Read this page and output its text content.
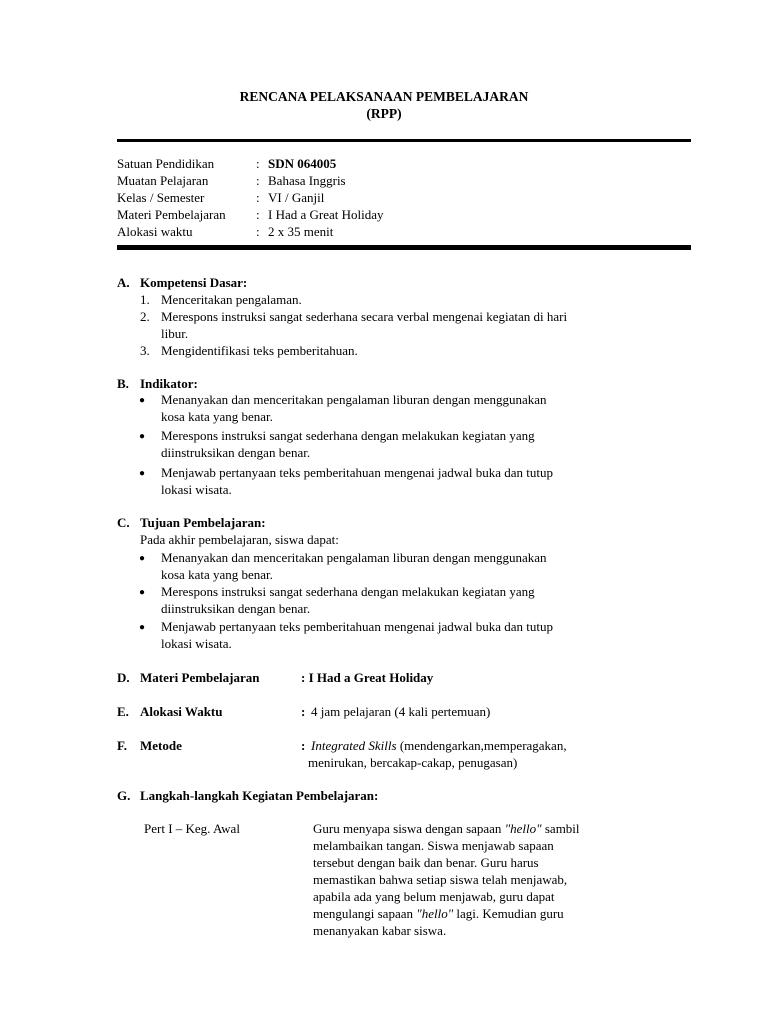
RENCANA PELAKSANAAN PEMBELAJARAN
(RPP)
Satuan Pendidikan	: SDN 064005
Muatan Pelajaran	: Bahasa Inggris
Kelas / Semester	: VI / Ganjil
Materi Pembelajaran : I Had a Great Holiday
Alokasi waktu	: 2 x 35 menit
A. Kompetensi Dasar:
1. Menceritakan pengalaman.
2. Merespons instruksi sangat sederhana secara verbal mengenai kegiatan di hari
libur.
3. Mengidentifikasi teks pemberitahuan.
B. Indikator:
● Menanyakan dan menceritakan pengalaman liburan dengan menggunakan
kosa kata yang benar.
● Merespons instruksi sangat sederhana dengan melakukan kegiatan yang
diinstruksikan dengan benar.
● Menjawab pertanyaan teks pemberitahuan mengenai jadwal buka dan tutup
lokasi wisata.
C. Tujuan Pembelajaran:
Pada akhir pembelajaran, siswa dapat:
● Menanyakan dan menceritakan pengalaman liburan dengan menggunakan
kosa kata yang benar.
● Merespons instruksi sangat sederhana dengan melakukan kegiatan yang
diinstruksikan dengan benar.
● Menjawab pertanyaan teks pemberitahuan mengenai jadwal buka dan tutup
lokasi wisata.
D. Materi Pembelajaran	: I Had a Great Holiday
E. Alokasi Waktu	: 4 jam pelajaran (4 kali pertemuan)
F. Metode	: Integrated Skills (mendengarkan,memperagakan,
menirukan, bercakap-cakap, penugasan)
G. Langkah-langkah Kegiatan Pembelajaran:
Pert I – Keg. Awal	Guru menyapa siswa dengan sapaan "hello" sambil
melambaikan tangan. Siswa menjawab sapaan
tersebut dengan baik dan benar. Guru harus
memastikan bahwa setiap siswa telah menjawab,
apabila ada yang belum menjawab, guru dapat
mengulangi sapaan "hello" lagi. Kemudian guru
menanyakan kabar siswa.
